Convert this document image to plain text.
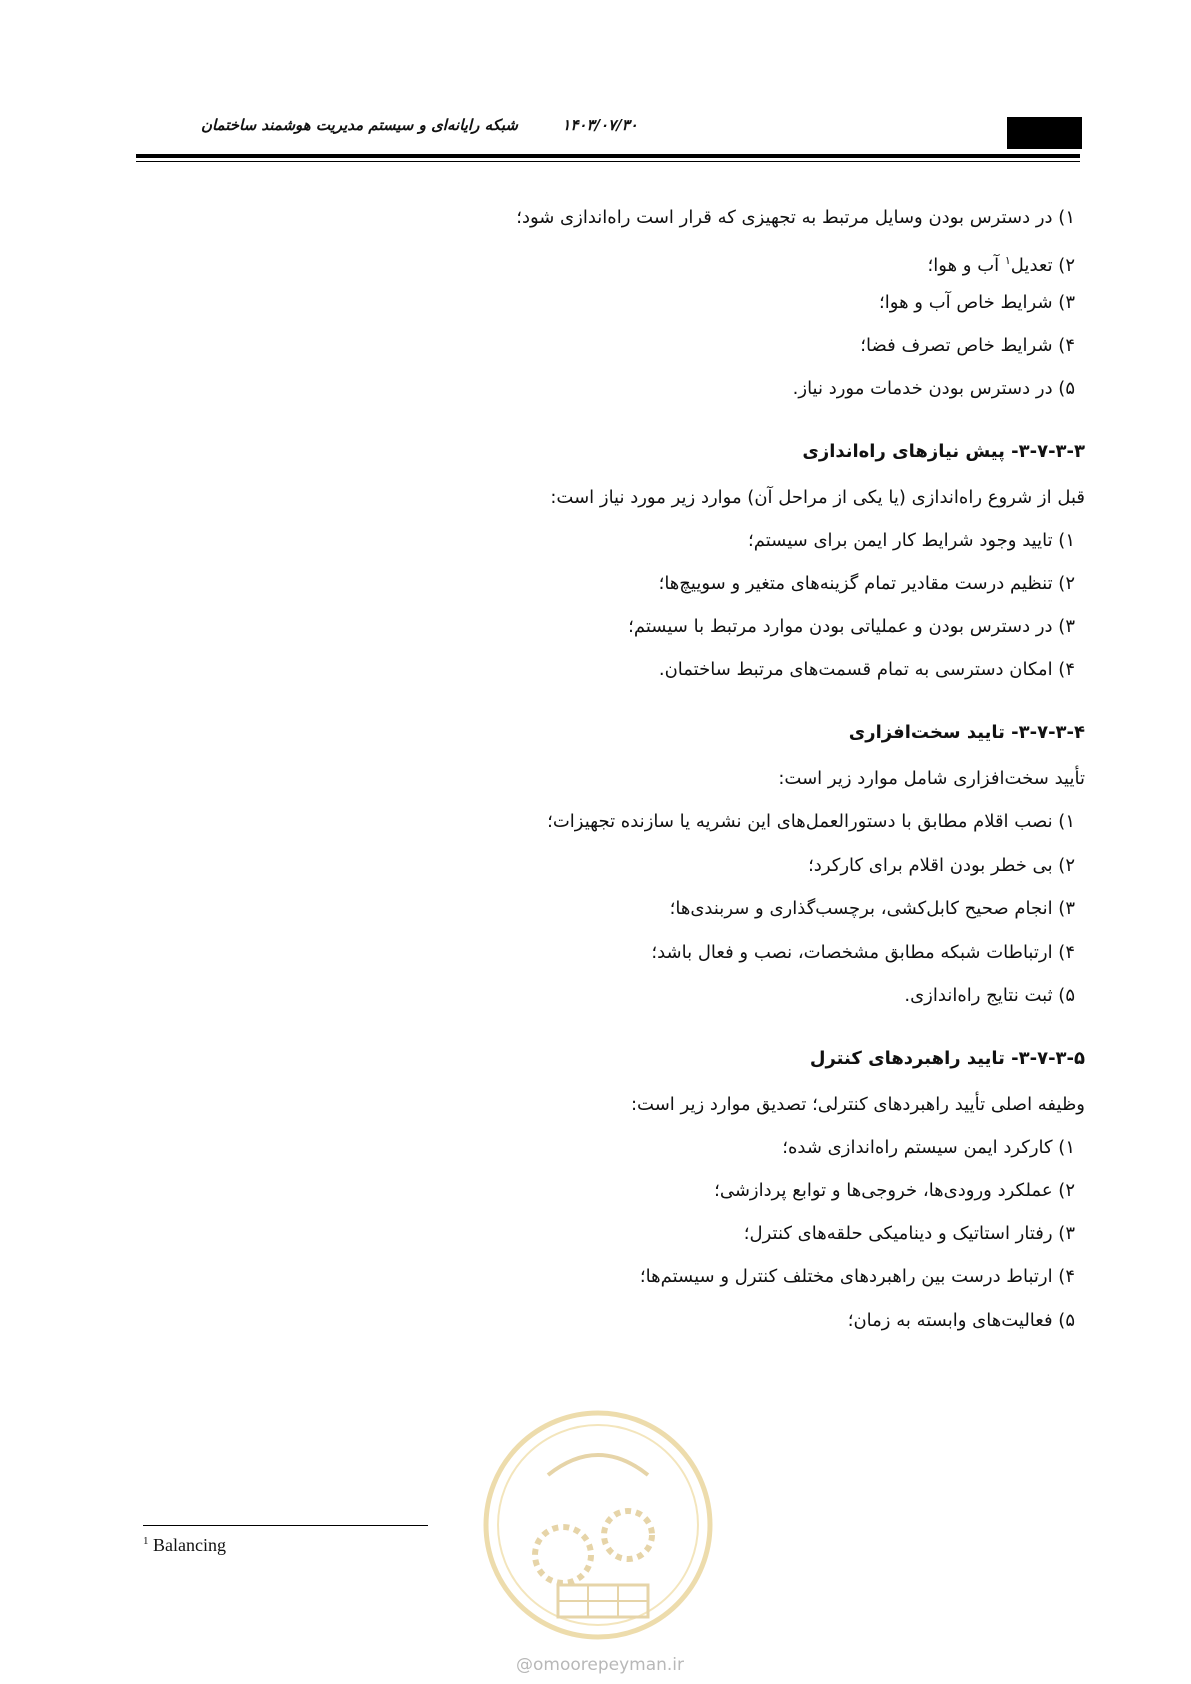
شبکه رایانه‌ای و سیستم مدیریت هوشمند ساختمان	۱۴۰۳/۰۷/۳۰
۱) در دسترس بودن وسایل مرتبط به تجهیزی که قرار است راه‌اندازی شود؛
۲) تعدیل$^۱$ آب و هوا؛
۳) شرایط خاص آب و هوا؛
۴) شرایط خاص تصرف فضا؛
۵) در دسترس بودن خدمات مورد نیاز.
۳-۷-۳-۳- پیش نیازهای راه‌اندازی
قبل از شروع راه‌اندازی (یا یکی از مراحل آن) موارد زیر مورد نیاز است:
۱) تایید وجود شرایط کار ایمن برای سیستم؛
۲) تنظیم درست مقادیر تمام گزینه‌های متغیر و سوییچ‌ها؛
۳) در دسترس بودن و عملیاتی بودن موارد مرتبط با سیستم؛
۴) امکان دسترسی به تمام قسمت‌های مرتبط ساختمان.
۳-۷-۳-۴- تایید سخت‌افزاری
تأیید سخت‌افزاری شامل موارد زیر است:
۱) نصب اقلام مطابق با دستورالعمل‌های این نشریه یا سازنده تجهیزات؛
۲) بی خطر بودن اقلام برای کارکرد؛
۳) انجام صحیح کابل‌کشی، برچسب‌گذاری و سربندی‌ها؛
۴) ارتباطات شبکه مطابق مشخصات، نصب و فعال باشد؛
۵) ثبت نتایج راه‌اندازی.
۳-۷-۳-۵- تایید راهبردهای کنترل
وظیفه اصلی تأیید راهبردهای کنترلی؛ تصدیق موارد زیر است:
۱) کارکرد ایمن سیستم راه‌اندازی شده؛
۲) عملکرد ورودی‌ها، خروجی‌ها و توابع پردازشی؛
۳) رفتار استاتیک و دینامیکی حلقه‌های کنترل؛
۴) ارتباط درست بین راهبردهای مختلف کنترل و سیستم‌ها؛
۵) فعالیت‌های وابسته به زمان؛
@omoorepeyman.ir
$^1$ Balancing
